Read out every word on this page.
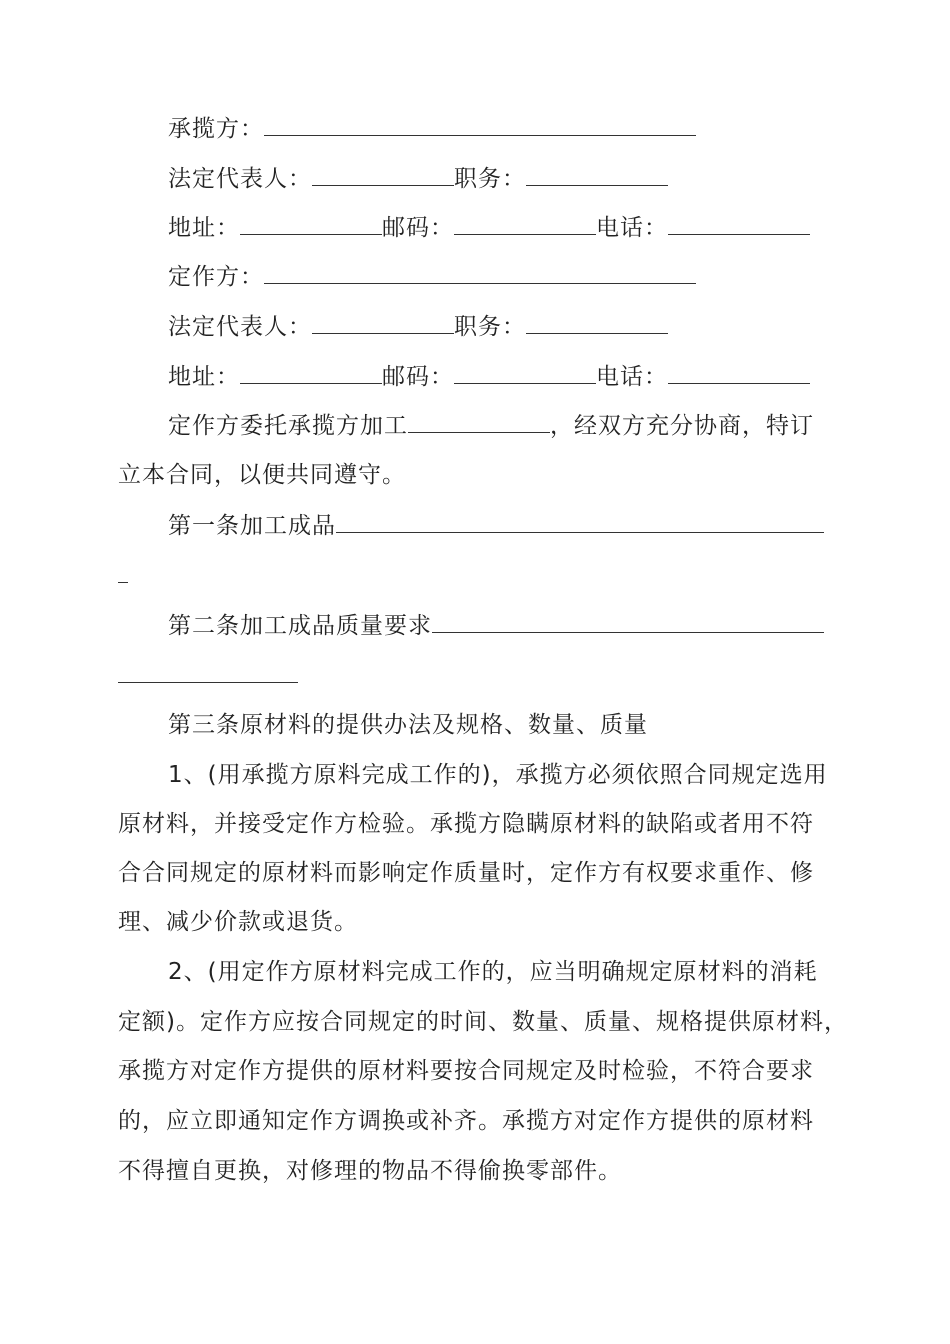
承揽方：
法定代表人：	职务：
地址：	邮码：	电话：
定作方：
法定代表人：	职务：
地址：	邮码：	电话：
定作方委托承揽方加工	，经双方充分协商，特订
立本合同，以便共同遵守。
第一条加工成品
第二条加工成品质量要求
第三条原材料的提供办法及规格、数量、质量
1、(用承揽方原料完成工作的)，承揽方必须依照合同规定选用
原材料，并接受定作方检验。承揽方隐瞒原材料的缺陷或者用不符
合合同规定的原材料而影响定作质量时，定作方有权要求重作、修
理、减少价款或退货。
2、(用定作方原材料完成工作的，应当明确规定原材料的消耗
定额)。定作方应按合同规定的时间、数量、质量、规格提供原材料，
承揽方对定作方提供的原材料要按合同规定及时检验，不符合要求
的，应立即通知定作方调换或补齐。承揽方对定作方提供的原材料
不得擅自更换，对修理的物品不得偷换零部件。
